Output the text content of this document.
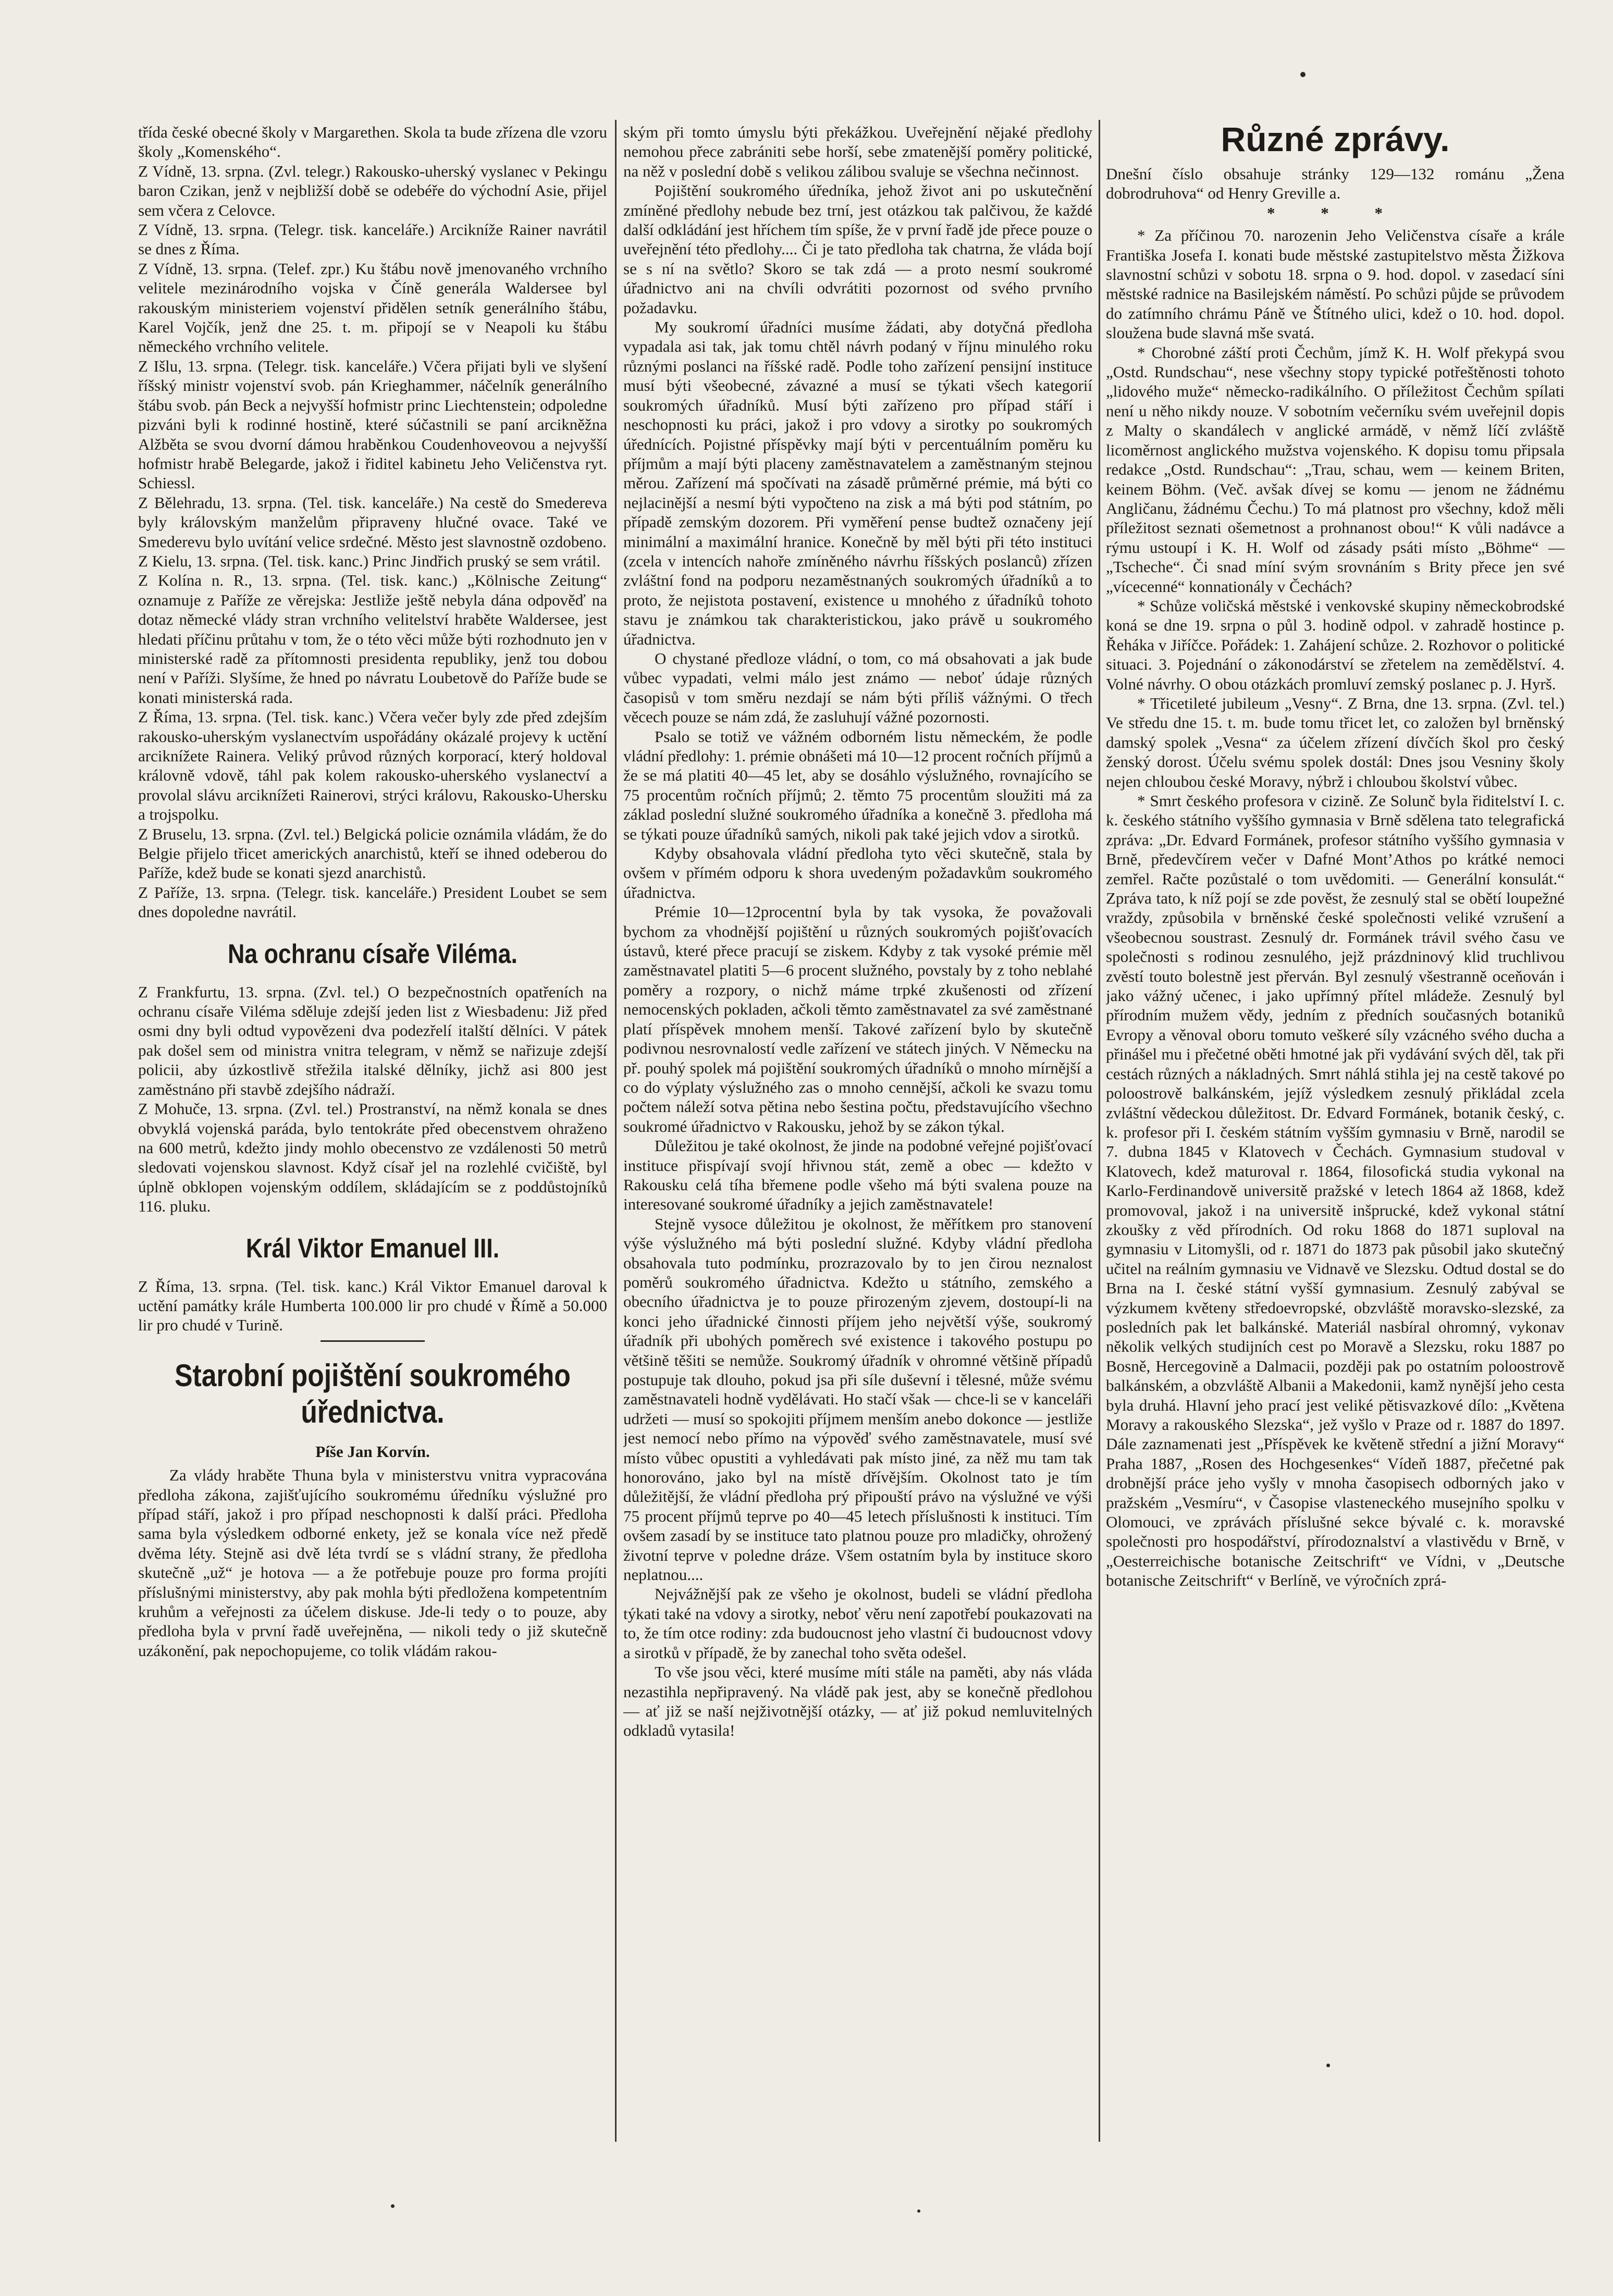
třída české obecné školy v Margarethen. Skola ta bude zřízena dle vzoru školy „Komenského“.

Z Vídně, 13. srpna. (Zvl. telegr.) Rakousko-uherský vyslanec v Pekingu baron Czikan, jenž v nejbližší době se odebéře do východní Asie, přijel sem včera z Celovce.

Z Vídně, 13. srpna. (Telegr. tisk. kanceláře.) Arcikníže Rainer navrátil se dnes z Říma.

Z Vídně, 13. srpna. (Telef. zpr.) Ku štábu nově jmenovaného vrchního velitele mezinárodního vojska v Číně generála Waldersee byl rakouským ministeriem vojenství přidělen setník generálního štábu, Karel Vojčík, jenž dne 25. t. m. připojí se v Neapoli ku štábu německého vrchního velitele.

Z Išlu, 13. srpna. (Telegr. tisk. kanceláře.) Včera přijati byli ve slyšení říšský ministr vojenství svob. pán Krieghammer, náčelník generálního štábu svob. pán Beck a nejvyšší hofmistr princ Liechtenstein; odpoledne pizváni byli k rodinné hostině, které súčastnili se paní arcikněžna Alžběta se svou dvorní dámou hraběnkou Coudenhoveovou a nejvyšší hofmistr hrabě Belegarde, jakož i řiditel kabinetu Jeho Veličenstva ryt. Schiessl.

Z Bělehradu, 13. srpna. (Tel. tisk. kanceláře.) Na cestě do Smedereva byly královským manželům připraveny hlučné ovace. Také ve Smederevu bylo uvítání velice srdečné. Město jest slavnostně ozdobeno.

Z Kielu, 13. srpna. (Tel. tisk. kanc.) Princ Jindřich pruský se sem vrátil.

Z Kolína n. R., 13. srpna. (Tel. tisk. kanc.) „Kölnische Zeitung“ oznamuje z Paříže ze věrejska: Jestliže ještě nebyla dána odpověď na dotaz německé vlády stran vrchního velitelství hraběte Waldersee, jest hledati příčinu průtahu v tom, že o této věci může býti rozhodnuto jen v ministerské radě za přítomnosti presidenta republiky, jenž tou dobou není v Paříži. Slyšíme, že hned po návratu Loubetově do Paříže bude se konati ministerská rada.

Z Říma, 13. srpna. (Tel. tisk. kanc.) Včera večer byly zde před zdejším rakousko-uherským vyslanectvím uspořádány okázalé projevy k uctění arciknížete Rainera. Veliký průvod různých korporací, který holdoval královně vdově, táhl pak kolem rakousko-uherského vyslanectví a provolal slávu arciknížeti Rainerovi, strýci královu, Rakousko-Uhersku a trojspolku.

Z Bruselu, 13. srpna. (Zvl. tel.) Belgická policie oznámila vládám, že do Belgie přijelo třicet amerických anarchistů, kteří se ihned odeberou do Paříže, kdež bude se konati sjezd anarchistů.

Z Paříže, 13. srpna. (Telegr. tisk. kanceláře.) President Loubet se sem dnes dopoledne navrátil.

Na ochranu císaře Viléma.

Z Frankfurtu, 13. srpna. (Zvl. tel.) O bezpečnostních opatřeních na ochranu císaře Viléma sděluje zdejší jeden list z Wiesbadenu: Již před osmi dny byli odtud vypovězeni dva podezřelí italští dělníci. V pátek pak došel sem od ministra vnitra telegram, v němž se nařizuje zdejší policii, aby úzkostlivě střežila italské dělníky, jichž asi 800 jest zaměstnáno při stavbě zdejšího nádraží.

Z Mohuče, 13. srpna. (Zvl. tel.) Prostranství, na němž konala se dnes obvyklá vojenská paráda, bylo tentokráte před obecenstvem ohraženo na 600 metrů, kdežto jindy mohlo obecenstvo ze vzdálenosti 50 metrů sledovati vojenskou slavnost. Když císař jel na rozlehlé cvičiště, byl úplně obklopen vojenským oddílem, skládajícím se z poddůstojníků 116. pluku.

Král Viktor Emanuel III.

Z Říma, 13. srpna. (Tel. tisk. kanc.) Král Viktor Emanuel daroval k uctění památky krále Humberta 100.000 lir pro chudé v Římě a 50.000 lir pro chudé v Turině.

Starobní pojištění soukromého úřednictva.
Píše Jan Korvín.

Za vlády hraběte Thuna byla v ministerstvu vnitra vypracována předloha zákona, zajišťujícího soukromému úředníku výslužné pro případ stáří, jakož i pro případ neschopnosti k další práci. Předloha sama byla výsledkem odborné enkety, jež se konala více než předě dvěma léty. Stejně asi dvě léta tvrdí se s vládní strany, že předloha skutečně „už“ je hotova — a že potřebuje pouze pro forma projíti příslušnými ministerstvy, aby pak mohla býti předložena kompetentním kruhům a veřejnosti za účelem diskuse. Jde-li tedy o to pouze, aby předloha byla v první řadě uveřejněna, — nikoli tedy o již skutečně uzákonění, pak nepochopujeme, co tolik vládám rakou-

ským při tomto úmyslu býti překážkou. Uveřejnění nějaké předlohy nemohou přece zabrániti sebe horší, sebe zmatenější poměry politické, na něž v poslední době s velikou zálibou svaluje se všechna nečinnost.

Pojištění soukromého úředníka, jehož život ani po uskutečnění zmíněné předlohy nebude bez trní, jest otázkou tak palčivou, že každé další odkládání jest hříchem tím spíše, že v první řadě jde přece pouze o uveřejnění této předlohy.... Či je tato předloha tak chatrna, že vláda bojí se s ní na světlo? Skoro se tak zdá — a proto nesmí soukromé úřadnictvo ani na chvíli odvrátiti pozornost od svého prvního požadavku.

My soukromí úřadníci musíme žádati, aby dotyčná předloha vypadala asi tak, jak tomu chtěl návrh podaný v říjnu minulého roku různými poslanci na říšské radě. Podle toho zařízení pensijní instituce musí býti všeobecné, závazné a musí se týkati všech kategorií soukromých úřadníků. Musí býti zařízeno pro případ stáří i neschopnosti ku práci, jakož i pro vdovy a sirotky po soukromých úřednících. Pojistné příspěvky mají býti v percentuálním poměru ku příjmům a mají býti placeny zaměstnavatelem a zaměstnaným stejnou měrou. Zařízení má spočívati na zásadě průměrné prémie, má býti co nejlacinější a nesmí býti vypočteno na zisk a má býti pod státním, po případě zemským dozorem. Při vyměření pense budtež označeny její minimální a maximální hranice. Konečně by měl býti při této instituci (zcela v intencích nahoře zmíněného návrhu říšských poslanců) zřízen zvláštní fond na podporu nezaměstnaných soukromých úřadníků a to proto, že nejistota postavení, existence u mnohého z úřadníků tohoto stavu je známkou tak charakteristickou, jako právě u soukromého úřadnictva.

O chystané předloze vládní, o tom, co má obsahovati a jak bude vůbec vypadati, velmi málo jest známo — neboť údaje různých časopisů v tom směru nezdají se nám býti příliš vážnými. O třech věcech pouze se nám zdá, že zasluhují vážné pozornosti.

Psalo se totiž ve vážném odborném listu německém, že podle vládní předlohy: 1. prémie obnášeti má 10—12 procent ročních příjmů a že se má platiti 40—45 let, aby se dosáhlo výslužného, rovnajícího se 75 procentům ročních příjmů; 2. těmto 75 procentům sloužiti má za základ poslední služné soukromého úřadníka a konečně 3. předloha má se týkati pouze úřadníků samých, nikoli pak také jejich vdov a sirotků.

Kdyby obsahovala vládní předloha tyto věci skutečně, stala by ovšem v přímém odporu k shora uvedeným požadavkům soukromého úřadnictva.

Prémie 10—12procentní byla by tak vysoka, že považovali bychom za vhodnější pojištění u různých soukromých pojišťovacích ústavů, které přece pracují se ziskem. Kdyby z tak vysoké prémie měl zaměstnavatel platiti 5—6 procent služného, povstaly by z toho neblahé poměry a rozpory, o nichž máme trpké zkušenosti od zřízení nemocenských pokladen, ačkoli těmto zaměstnavatel za své zaměstnané platí příspěvek mnohem menší. Takové zařízení bylo by skutečně podivnou nesrovnalostí vedle zařízení ve státech jiných. V Německu na př. pouhý spolek má pojištění soukromých úřadníků o mnoho mírnější a co do výplaty výslužného zas o mnoho cennější, ačkoli ke svazu tomu počtem náleží sotva pětina nebo šestina počtu, představujícího všechno soukromé úřadnictvo v Rakousku, jehož by se zákon týkal.

Důležitou je také okolnost, že jinde na podobné veřejné pojišťovací instituce přispívají svojí hřivnou stát, země a obec — kdežto v Rakousku celá tíha břemene podle všeho má býti svalena pouze na interesované soukromé úřadníky a jejich zaměstnavatele!

Stejně vysoce důležitou je okolnost, že měřítkem pro stanovení výše výslužného má býti poslední služné. Kdyby vládní předloha obsahovala tuto podmínku, prozrazovalo by to jen čirou neznalost poměrů soukromého úřadnictva. Kdežto u státního, zemského a obecního úřadnictva je to pouze přirozeným zjevem, dostoupí-li na konci jeho úřadnické činnosti příjem jeho největší výše, soukromý úřadník při ubohých poměrech své existence i takového postupu po většině těšiti se nemůže. Soukromý úřadník v ohromné většině případů postupuje tak dlouho, pokud jsa při síle duševní i tělesné, může svému zaměstnavateli hodně vydělávati. Ho stačí však — chce-li se v kanceláři udržeti — musí so spokojiti příjmem menším anebo dokonce — jestliže jest nemocí nebo přímo na výpověď svého zaměstnavatele, musí své místo vůbec opustiti a vyhledávati pak místo jiné, za něž mu tam tak honorováno, jako byl na místě dřívějším. Okolnost tato je tím důležitější, že vládní předloha prý připouští právo na výslužné ve výši 75 procent příjmů teprve po 40—45 letech příslušnosti k instituci. Tím ovšem zasadí by se instituce tato platnou pouze pro mladičky, ohrožený životní teprve v poledne dráze. Všem ostatním byla by instituce skoro neplatnou....

Nejvážnější pak ze všeho je okolnost, budeli se vládní předloha týkati také na vdovy a sirotky, neboť věru není zapotřebí poukazovati na to, že tím otce rodiny: zda budoucnost jeho vlastní či budoucnost vdovy a sirotků v případě, že by zanechal toho světa odešel.

To vše jsou věci, které musíme míti stále na paměti, aby nás vláda nezastihla nepřipravený. Na vládě pak jest, aby se konečně předlohou — ať již se naší nejživotnější otázky, — ať již pokud nemluvitelných odkladů vytasila!

Různé zprávy.

Dnešní číslo obsahuje stránky 129—132 románu „Žena dobrodruhova“ od Henry Greville a.

* * *

* Za příčinou 70. narozenin Jeho Veličenstva císaře a krále Františka Josefa I. konati bude městské zastupitelstvo města Žižkova slavnostní schůzi v sobotu 18. srpna o 9. hod. dopol. v zasedací síni městské radnice na Basilejském náměstí. Po schůzi půjde se průvodem do zatímního chrámu Páně ve Štítného ulici, kdež o 10. hod. dopol. sloužena bude slavná mše svatá.

* Chorobné záští proti Čechům, jímž K. H. Wolf překypá svou „Ostd. Rundschau“, nese všechny stopy typické potřeštěnosti tohoto „lidového muže“ německo-radikálního. O příležitost Čechům spílati není u něho nikdy nouze. V sobotním večerníku svém uveřejnil dopis z Malty o skandálech v anglické armádě, v němž líčí zvláště licoměrnost anglického mužstva vojenského. K dopisu tomu připsala redakce „Ostd. Rundschau“: „Trau, schau, wem — keinem Briten, keinem Böhm. (Več. avšak dívej se komu — jenom ne žádnému Angličanu, žádnému Čechu.) To má platnost pro všechny, kdož měli příležitost seznati ošemetnost a prohnanost obou!“ K vůli nadávce a rýmu ustoupí i K. H. Wolf od zásady psáti místo „Böhme“ — „Tscheche“. Či snad míní svým srovnáním s Brity přece jen své „vícecenné“ konnationály v Čechách?

* Schůze voličská městské i venkovské skupiny německobrodské koná se dne 19. srpna o půl 3. hodině odpol. v zahradě hostince p. Řeháka v Jiříčce. Pořádek: 1. Zahájení schůze. 2. Rozhovor o politické situaci. 3. Pojednání o zákonodárství se zřetelem na zemědělství. 4. Volné návrhy. O obou otázkách promluví zemský poslanec p. J. Hyrš.

* Třicetileté jubileum „Vesny“. Z Brna, dne 13. srpna. (Zvl. tel.) Ve středu dne 15. t. m. bude tomu třicet let, co založen byl brněnský damský spolek „Vesna“ za účelem zřízení dívčích škol pro český ženský dorost. Účelu svému spolek dostál: Dnes jsou Vesniny školy nejen chloubou české Moravy, nýbrž i chloubou školství vůbec.

* Smrt českého profesora v cizině. Ze Solunč byla řiditelství I. c. k. českého státního vyššího gymnasia v Brně sdělena tato telegrafická zpráva: „Dr. Edvard Formánek, profesor státního vyššího gymnasia v Brně, předevčírem večer v Dafné Mont’Athos po krátké nemoci zemřel. Račte pozůstalé o tom uvědomiti. — Generální konsulát.“ Zpráva tato, k níž pojí se zde pověst, že zesnulý stal se obětí loupežné vraždy, způsobila v brněnské české společnosti veliké vzrušení a všeobecnou soustrast. Zesnulý dr. Formánek trávil svého času ve společnosti s rodinou zesnulého, jejž prázdninový klid truchlivou zvěstí touto bolestně jest přerván. Byl zesnulý všestranně oceňován i jako vážný učenec, i jako upřímný přítel mládeže. Zesnulý byl přírodním mužem vědy, jedním z předních současných botaniků Evropy a věnoval oboru tomuto veškeré síly vzácného svého ducha a přinášel mu i přečetné oběti hmotné jak při vydávání svých děl, tak při cestách různých a nákladných. Smrt náhlá stihla jej na cestě takové po poloostrově balkánském, jejíž výsledkem zesnulý přikládal zcela zvláštní vědeckou důležitost. Dr. Edvard Formánek, botanik český, c. k. profesor při I. českém státním vyšším gymnasiu v Brně, narodil se 7. dubna 1845 v Klatovech v Čechách. Gymnasium studoval v Klatovech, kdež maturoval r. 1864, filosofická studia vykonal na Karlo-Ferdinandově universitě pražské v letech 1864 až 1868, kdež promovoval, jakož i na universitě inšprucké, kdež vykonal státní zkoušky z věd přírodních. Od roku 1868 do 1871 suploval na gymnasiu v Litomyšli, od r. 1871 do 1873 pak působil jako skutečný učitel na reálním gymnasiu ve Vidnavě ve Slezsku. Odtud dostal se do Brna na I. české státní vyšší gymnasium. Zesnulý zabýval se výzkumem květeny středoevropské, obzvláště moravsko-slezské, za posledních pak let balkánské. Materiál nasbíral ohromný, vykonav několik velkých studijních cest po Moravě a Slezsku, roku 1887 po Bosně, Hercegovině a Dalmacii, později pak po ostatním poloostrově balkánském, a obzvláště Albanii a Makedonii, kamž nynější jeho cesta byla druhá. Hlavní jeho prací jest veliké pětisvazkové dílo: „Květena Moravy a rakouského Slezska“, jež vyšlo v Praze od r. 1887 do 1897. Dále zaznamenati jest „Příspěvek ke květeně střední a jižní Moravy“ Praha 1887, „Rosen des Hochgesenkes“ Vídeň 1887, přečetné pak drobnější práce jeho vyšly v mnoha časopisech odborných jako v pražském „Vesmíru“, v Časopise vlasteneckého musejního spolku v Olomouci, ve zprávách příslušné sekce bývalé c. k. moravské společnosti pro hospodářství, přírodoznalství a vlastivědu v Brně, v „Oesterreichische botanische Zeitschrift“ ve Vídni, v „Deutsche botanische Zeitschrift“ v Berlíně, ve výročních zprá-
